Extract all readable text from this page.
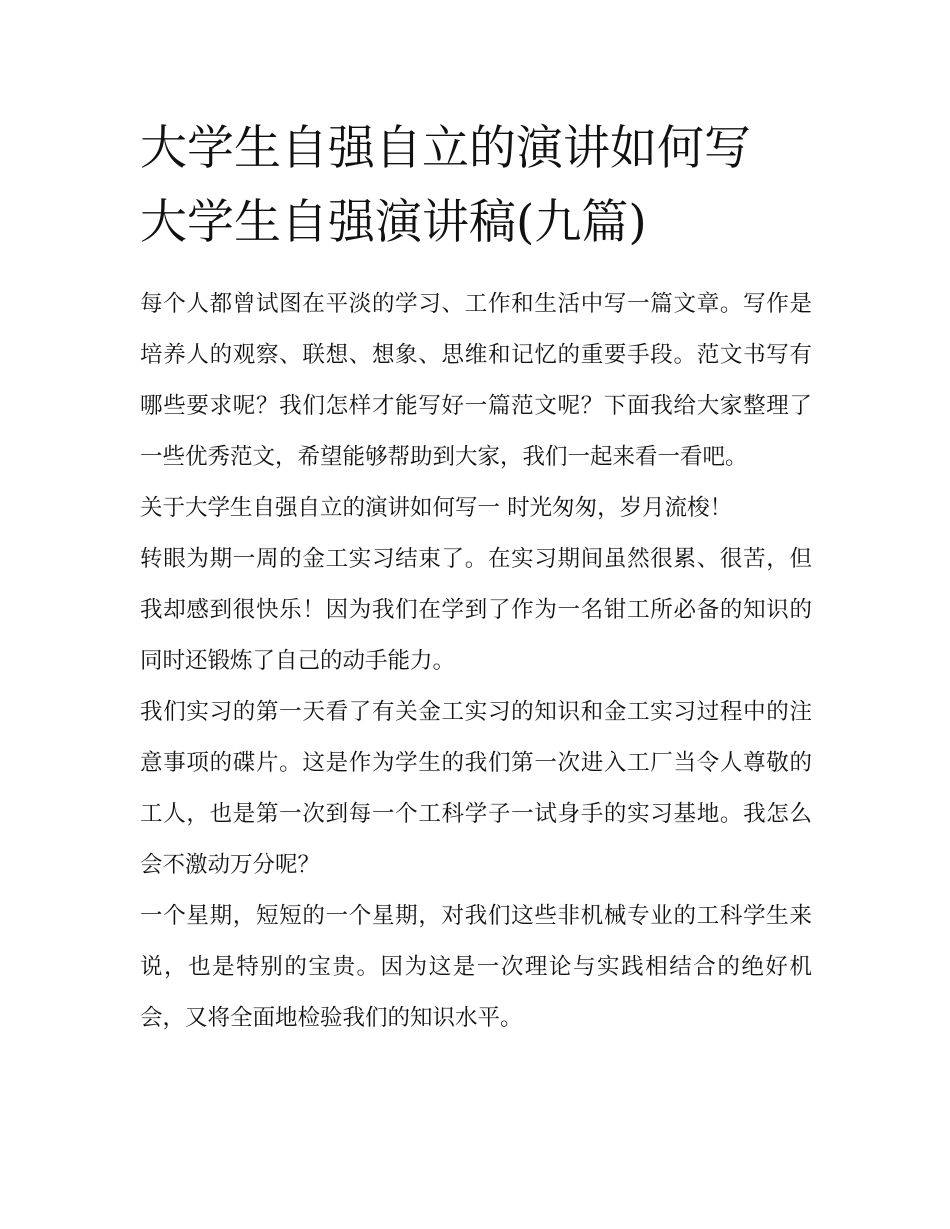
大学生自强自立的演讲如何写
大学生自强演讲稿(九篇)

每个人都曾试图在平淡的学习、工作和生活中写一篇文章。写作是培养人的观察、联想、想象、思维和记忆的重要手段。范文书写有哪些要求呢？我们怎样才能写好一篇范文呢？下面我给大家整理了一些优秀范文，希望能够帮助到大家，我们一起来看一看吧。

关于大学生自强自立的演讲如何写一 时光匆匆，岁月流梭！

转眼为期一周的金工实习结束了。在实习期间虽然很累、很苦，但我却感到很快乐！因为我们在学到了作为一名钳工所必备的知识的同时还锻炼了自己的动手能力。

我们实习的第一天看了有关金工实习的知识和金工实习过程中的注意事项的碟片。这是作为学生的我们第一次进入工厂当令人尊敬的工人，也是第一次到每一个工科学子一试身手的实习基地。我怎么会不激动万分呢？

一个星期，短短的一个星期，对我们这些非机械专业的工科学生来说，也是特别的宝贵。因为这是一次理论与实践相结合的绝好机会，又将全面地检验我们的知识水平。
